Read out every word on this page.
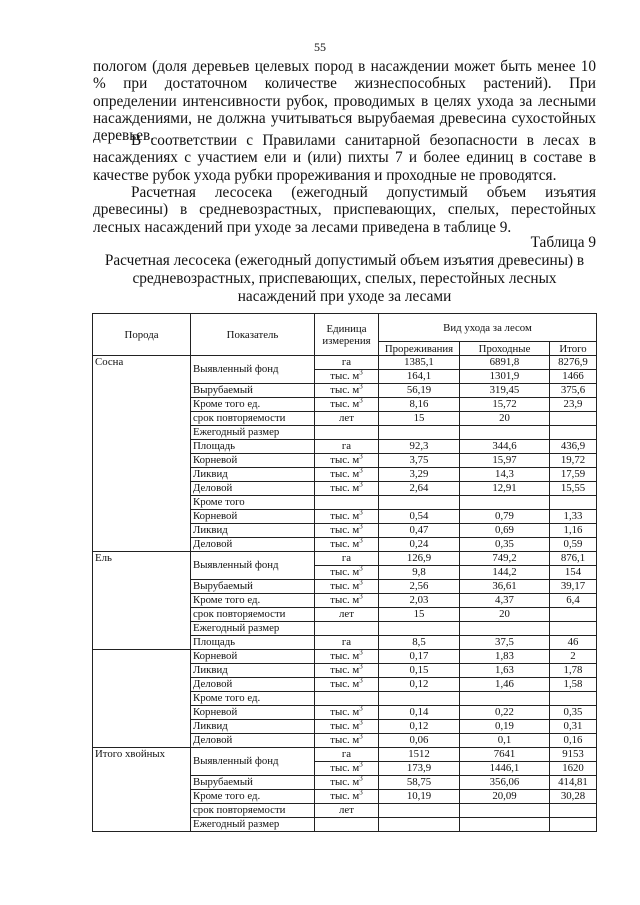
55

пологом (доля деревьев целевых пород в насаждении может быть менее 10 % при достаточном количестве жизнеспособных растений). При определении интенсивности рубок, проводимых в целях ухода за лесными насаждениями, не должна учитываться вырубаемая древесина сухостойных деревьев.

В соответствии с Правилами санитарной безопасности в лесах в насаждениях с участием ели и (или) пихты 7 и более единиц в составе в качестве рубок ухода рубки прореживания и проходные не проводятся.

Расчетная лесосека (ежегодный допустимый объем изъятия древесины) в средневозрастных, приспевающих, спелых, перестойных лесных насаждений при уходе за лесами приведена в таблице 9.

Таблица 9

Расчетная лесосека (ежегодный допустимый объем изъятия древесины) в средневозрастных, приспевающих, спелых, перестойных лесных насаждений при уходе за лесами

Порода	Показатель	Единица измерения	Вид ухода за лесом		
			Прореживания	Проходные	Итого
Сосна	Выявленный фонд	га	1385,1	6891,8	8276,9
		тыс. $м^3$	164,1	1301,9	1466
	Вырубаемый	тыс. $м^3$	56,19	319,45	375,6
	Кроме того ед.	тыс. $м^3$	8,16	15,72	23,9
	срок повторяемости	лет	15	20	
	Ежегодный размер				
	Площадь	га	92,3	344,6	436,9
	Корневой	тыс. $м^3$	3,75	15,97	19,72
	Ликвид	тыс. $м^3$	3,29	14,3	17,59
	Деловой	тыс. $м^3$	2,64	12,91	15,55
	Кроме того				
	Корневой	тыс. $м^3$	0,54	0,79	1,33
	Ликвид	тыс. $м^3$	0,47	0,69	1,16
	Деловой	тыс. $м^3$	0,24	0,35	0,59
Ель	Выявленный фонд	га	126,9	749,2	876,1
		тыс. $м^3$	9,8	144,2	154
	Вырубаемый	тыс. $м^3$	2,56	36,61	39,17
	Кроме того ед.	тыс. $м^3$	2,03	4,37	6,4
	срок повторяемости	лет	15	20	
	Ежегодный размер				
	Площадь	га	8,5	37,5	46
	Корневой	тыс. $м^3$	0,17	1,83	2
	Ликвид	тыс. $м^3$	0,15	1,63	1,78
	Деловой	тыс. $м^3$	0,12	1,46	1,58
	Кроме того ед.				
	Корневой	тыс. $м^3$	0,14	0,22	0,35
	Ликвид	тыс. $м^3$	0,12	0,19	0,31
	Деловой	тыс. $м^3$	0,06	0,1	0,16
Итого хвойных	Выявленный фонд	га	1512	7641	9153
		тыс. $м^3$	173,9	1446,1	1620
	Вырубаемый	тыс. $м^3$	58,75	356,06	414,81
	Кроме того ед.	тыс. $м^3$	10,19	20,09	30,28
	срок повторяемости	лет			
	Ежегодный размер				
